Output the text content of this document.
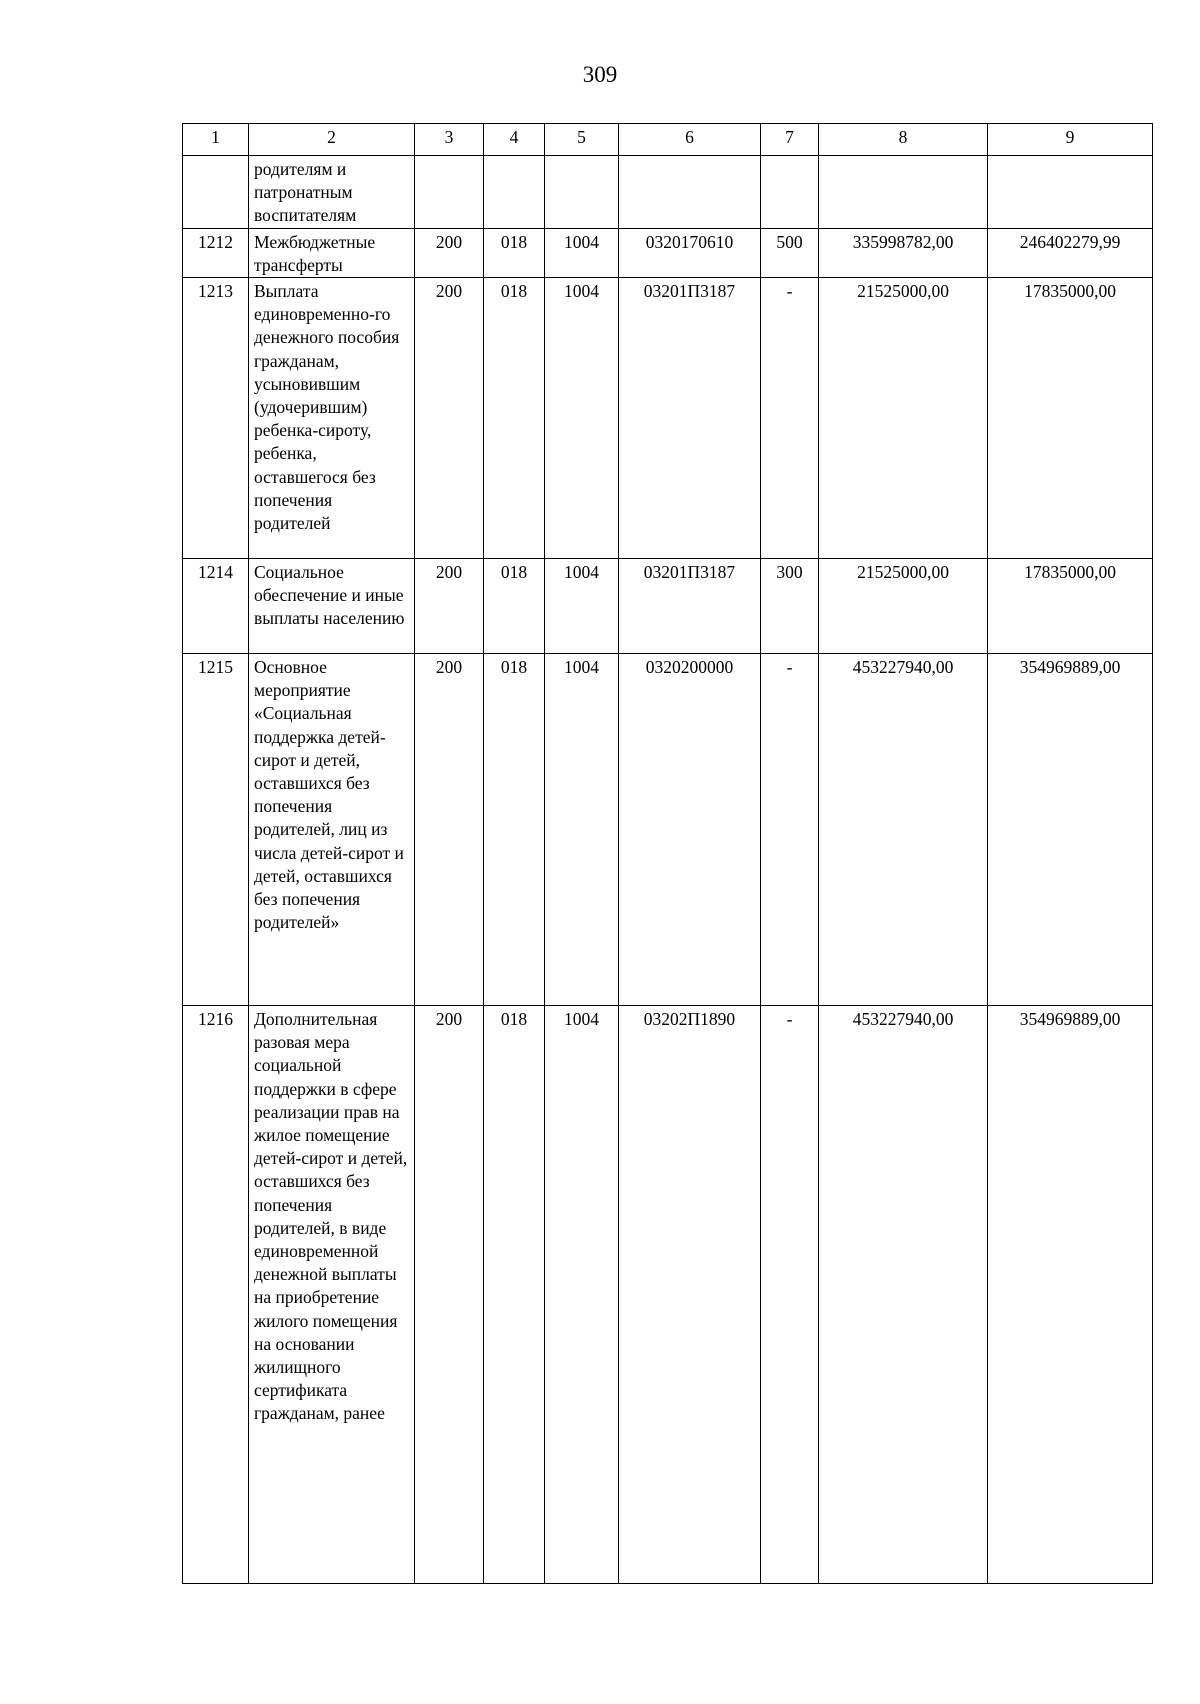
309
1	2	3	4	5	6	7	8	9
	родителям и патронатным воспитателям							
1212	Межбюджетные трансферты	200	018	1004	0320170610	500	335998782,00	246402279,99
1213	Выплата единовременно-го денежного пособия гражданам, усыновившим (удочерившим) ребенка-сироту, ребенка, оставшегося без попечения родителей	200	018	1004	03201П3187	-	21525000,00	17835000,00
1214	Социальное обеспечение и иные выплаты населению	200	018	1004	03201П3187	300	21525000,00	17835000,00
1215	Основное мероприятие «Социальная поддержка детей-сирот и детей, оставшихся без попечения родителей, лиц из числа детей-сирот и детей, оставшихся без попечения родителей»	200	018	1004	0320200000	-	453227940,00	354969889,00
1216	Дополнительная разовая мера социальной поддержки в сфере реализации прав на жилое помещение детей-сирот и детей, оставшихся без попечения родителей, в виде единовременной денежной выплаты на приобретение жилого помещения на основании жилищного сертификата гражданам, ранее	200	018	1004	03202П1890	-	453227940,00	354969889,00
